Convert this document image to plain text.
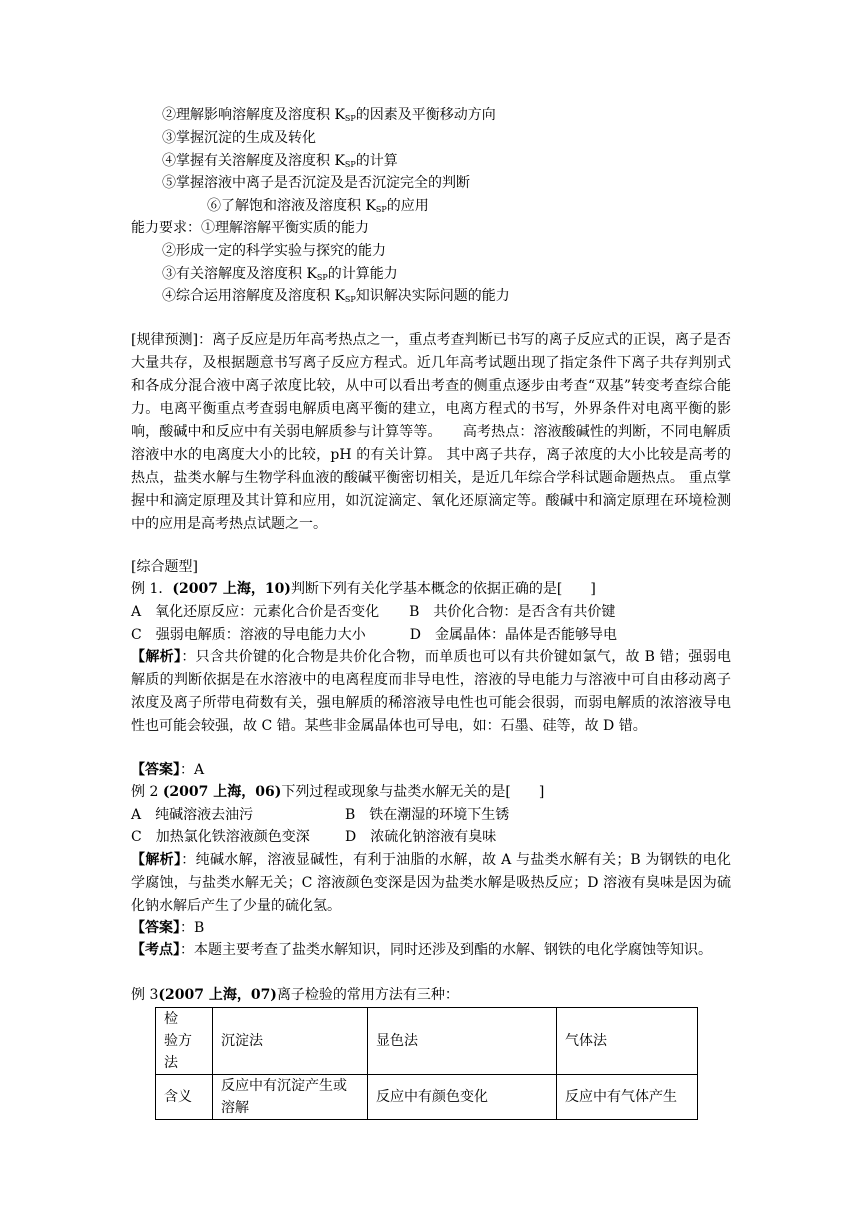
②理解影响溶解度及溶度积 $K_{SP}$的因素及平衡移动方向
③掌握沉淀的生成及转化
④掌握有关溶解度及溶度积 $K_{SP}$的计算
⑤掌握溶液中离子是否沉淀及是否沉淀完全的判断
⑥了解饱和溶液及溶度积 $K_{SP}$的应用
能力要求：①理解溶解平衡实质的能力
②形成一定的科学实验与探究的能力
③有关溶解度及溶度积 $K_{SP}$的计算能力
④综合运用溶解度及溶度积 $K_{SP}$知识解决实际问题的能力
[规律预测]：离子反应是历年高考热点之一，重点考查判断已书写的离子反应式的正误，离子是否大量共存，及根据题意书写离子反应方程式。近几年高考试题出现了指定条件下离子共存判别式和各成分混合液中离子浓度比较，从中可以看出考查的侧重点逐步由考查“双基”转变考查综合能力。电离平衡重点考查弱电解质电离平衡的建立，电离方程式的书写，外界条件对电离平衡的影响，酸碱中和反应中有关弱电解质参与计算等等。　　高考热点：溶液酸碱性的判断，不同电解质溶液中水的电离度大小的比较，pH 的有关计算。 其中离子共存，离子浓度的大小比较是高考的热点，盐类水解与生物学科血液的酸碱平衡密切相关，是近几年综合学科试题命题热点。 重点掌握中和滴定原理及其计算和应用，如沉淀滴定、氧化还原滴定等。酸碱中和滴定原理在环境检测中的应用是高考热点试题之一。
[综合题型]
例 1．(2007 上海，10)判断下列有关化学基本概念的依据正确的是[　　]
A　氧化还原反应：元素化合价是否变化 B　共价化合物：是否含有共价键
C　强弱电解质：溶液的导电能力大小	D　金属晶体：晶体是否能够导电
【解析】：只含共价键的化合物是共价化合物，而单质也可以有共价键如氯气，故 B 错；强弱电解质的判断依据是在水溶液中的电离程度而非导电性，溶液的导电能力与溶液中可自由移动离子浓度及离子所带电荷数有关，强电解质的稀溶液导电性也可能会很弱，而弱电解质的浓溶液导电性也可能会较强，故 C 错。某些非金属晶体也可导电，如：石墨、硅等，故 D 错。
【答案】：A
例 2 (2007 上海，06)下列过程或现象与盐类水解无关的是[　　]
A　纯碱溶液去油污	B　铁在潮湿的环境下生锈
C　加热氯化铁溶液颜色变深	D　浓硫化钠溶液有臭味
【解析】：纯碱水解，溶液显碱性，有利于油脂的水解，故 A 与盐类水解有关；B 为钢铁的电化学腐蚀，与盐类水解无关；C 溶液颜色变深是因为盐类水解是吸热反应；D 溶液有臭味是因为硫化钠水解后产生了少量的硫化氢。
【答案】：B
【考点】：本题主要考查了盐类水解知识，同时还涉及到酯的水解、钢铁的电化学腐蚀等知识。
例 3(2007 上海，07)离子检验的常用方法有三种：
检　验方法	沉淀法	显色法	气体法
含义	反应中有沉淀产生或溶解	反应中有颜色变化	反应中有气体产生
